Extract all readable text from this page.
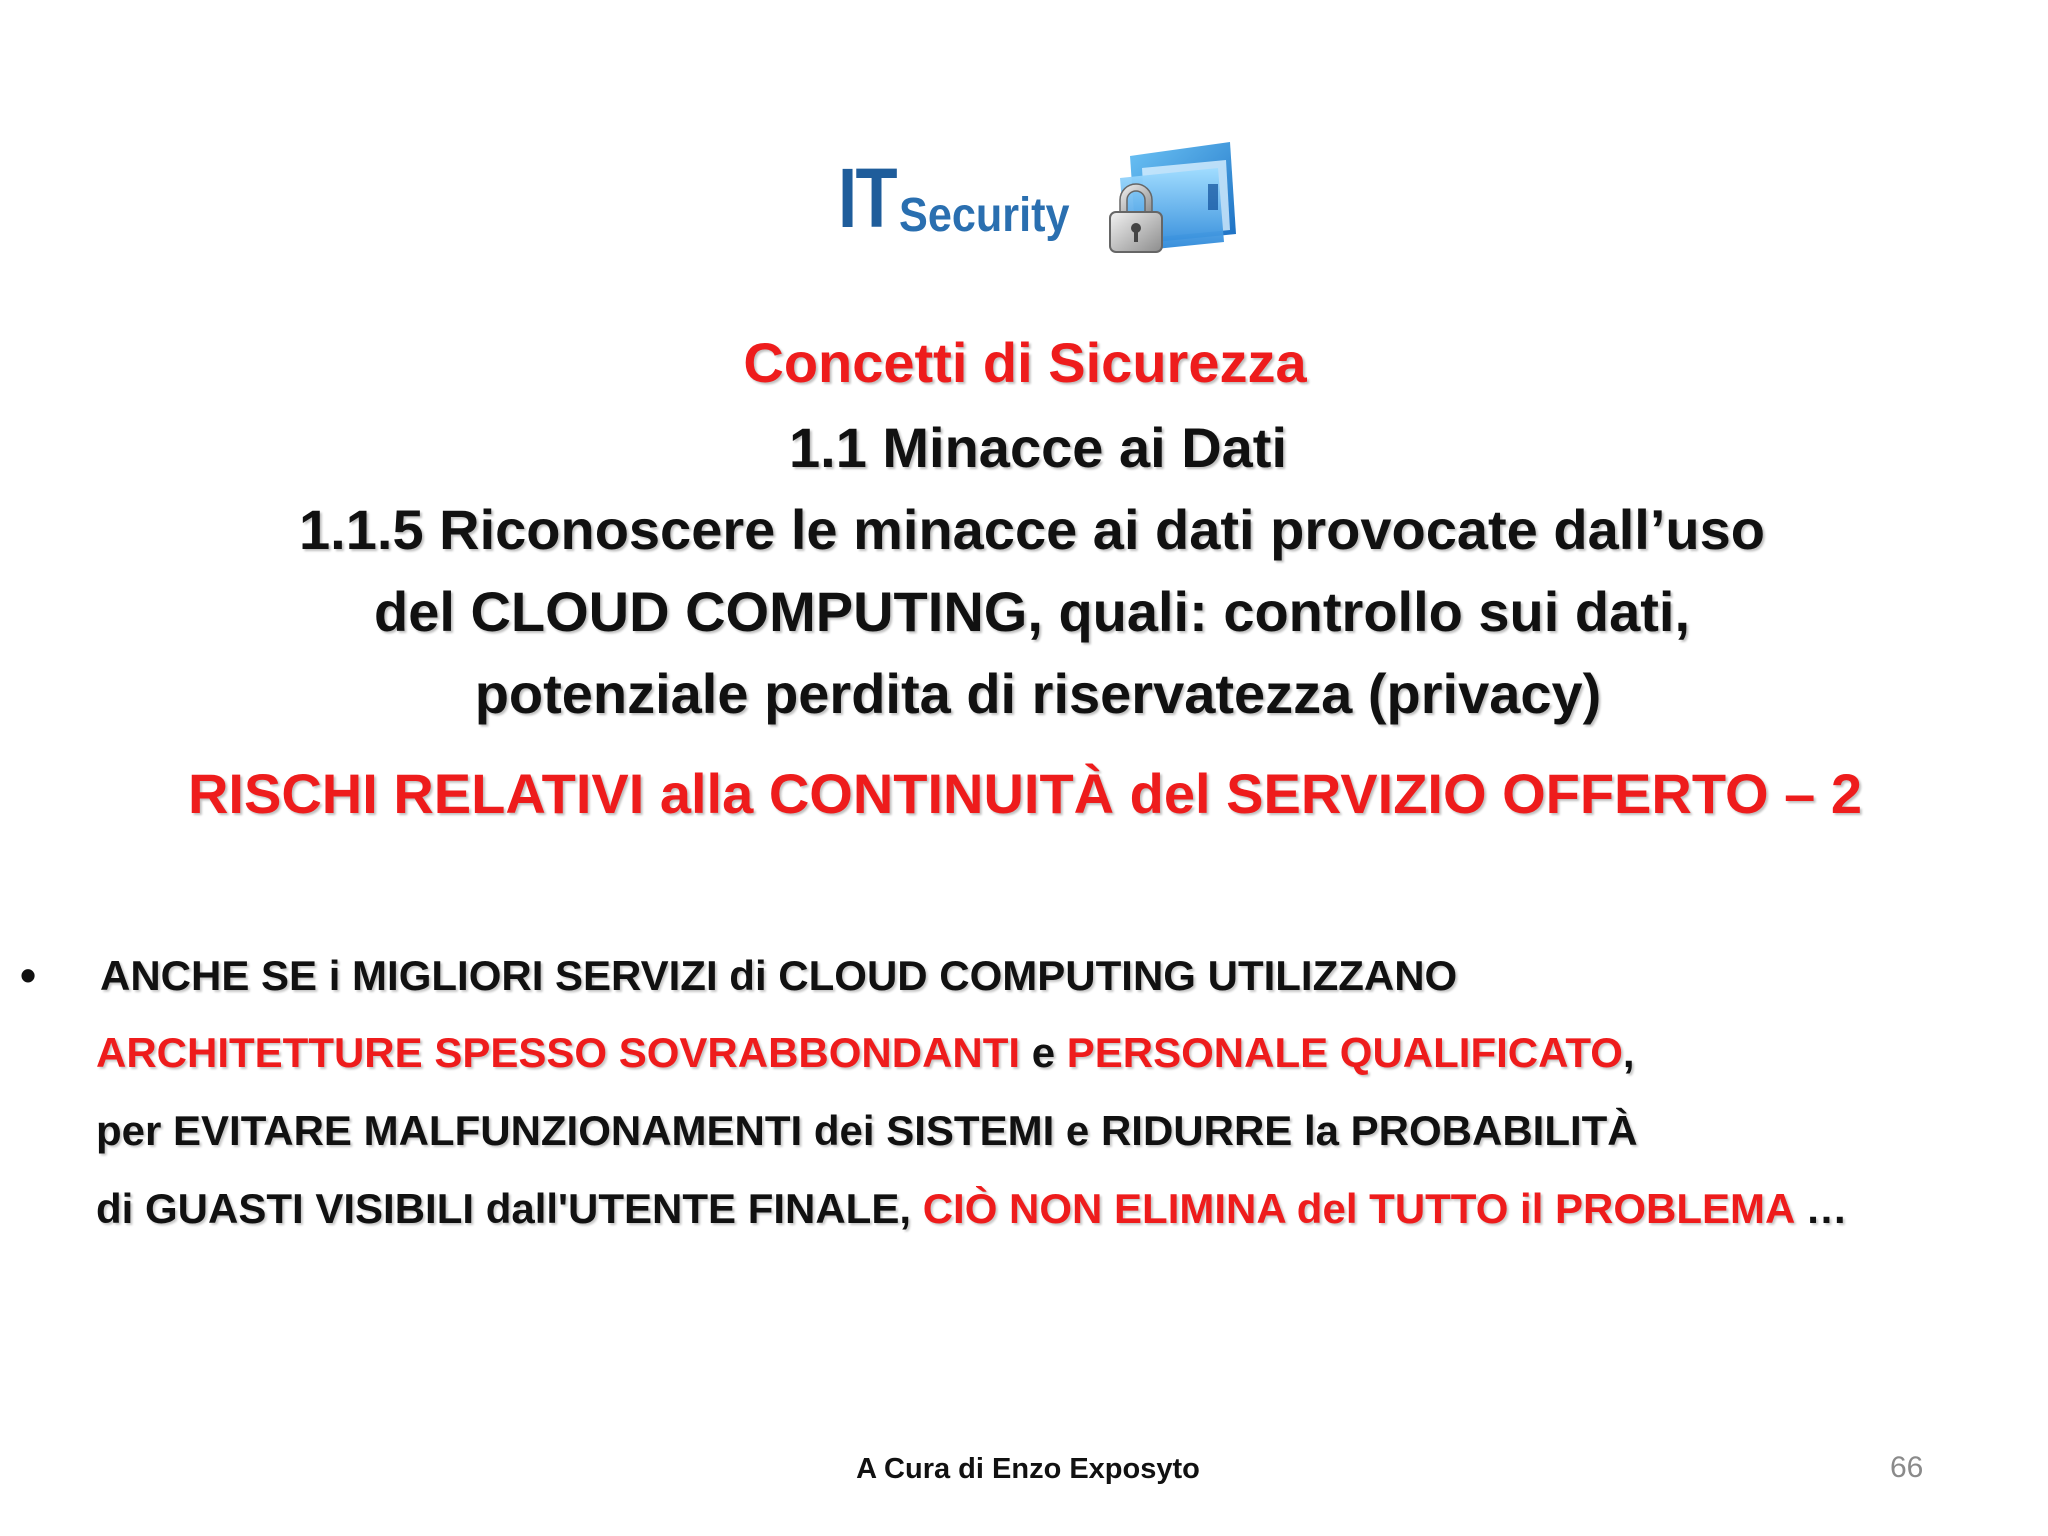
IT Security
Concetti di Sicurezza
1.1 Minacce ai Dati
1.1.5 Riconoscere le minacce ai dati provocate dall’uso
del CLOUD COMPUTING, quali: controllo sui dati,
potenziale perdita di riservatezza (privacy)
RISCHI RELATIVI alla CONTINUITÀ del SERVIZIO OFFERTO – 2
• ANCHE SE i MIGLIORI SERVIZI di CLOUD COMPUTING UTILIZZANO
ARCHITETTURE SPESSO SOVRABBONDANTI e PERSONALE QUALIFICATO,
per EVITARE MALFUNZIONAMENTI dei SISTEMI e RIDURRE la PROBABILITÀ
di GUASTI VISIBILI dall'UTENTE FINALE, CIÒ NON ELIMINA del TUTTO il PROBLEMA …
A Cura di Enzo Exposyto	66
